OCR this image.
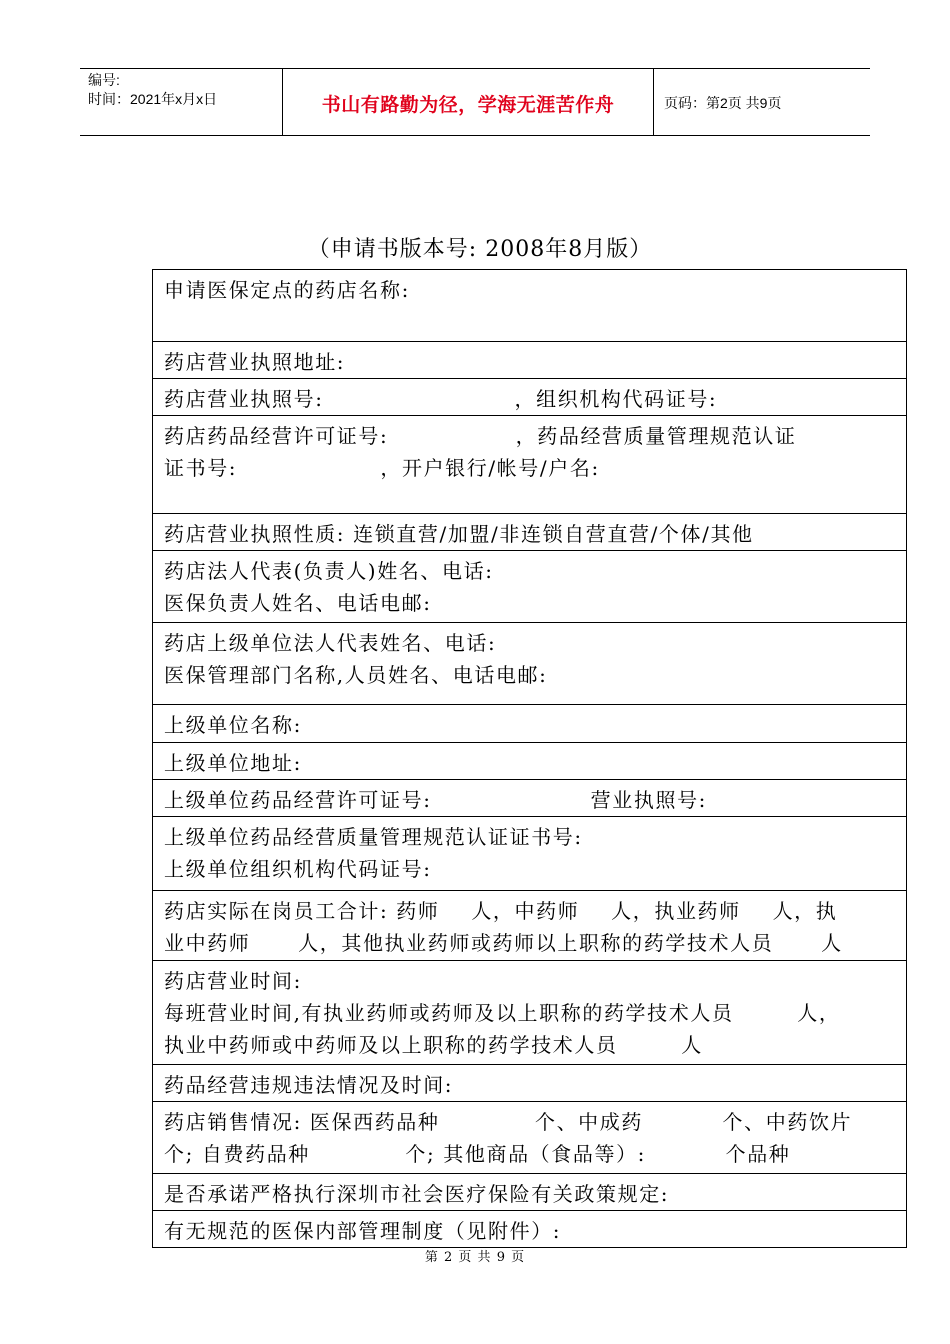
编号:
时间：2021年x月x日	书山有路勤为径，学海无涯苦作舟	页码：第2页 共9页
（申请书版本号: 2008年8月版）
申请医保定点的药店名称:

药店营业执照地址:

药店营业执照号:                        ，组织机构代码证号:

药店药品经营许可证号:                ，药品经营质量管理规范认证
证书号:                  ，开户银行/帐号/户名:

药店营业执照性质: 连锁直营/加盟/非连锁自营直营/个体/其他

药店法人代表(负责人)姓名、电话:
医保负责人姓名、电话电邮:

药店上级单位法人代表姓名、电话:
医保管理部门名称,人员姓名、电话电邮:

上级单位名称:

上级单位地址:

上级单位药品经营许可证号:                    营业执照号:

上级单位药品经营质量管理规范认证证书号:
上级单位组织机构代码证号:

药店实际在岗员工合计: 药师    人，中药师    人，执业药师    人，执
业中药师      人，其他执业药师或药师以上职称的药学技术人员      人

药店营业时间:
每班营业时间,有执业药师或药师及以上职称的药学技术人员        人，
执业中药师或中药师及以上职称的药学技术人员        人

药品经营违规违法情况及时间:

药店销售情况: 医保西药品种            个、中成药          个、中药饮片
个; 自费药品种            个; 其他商品（食品等）:          个品种

是否承诺严格执行深圳市社会医疗保险有关政策规定:

有无规范的医保内部管理制度（见附件）:
第 2 页 共 9 页
